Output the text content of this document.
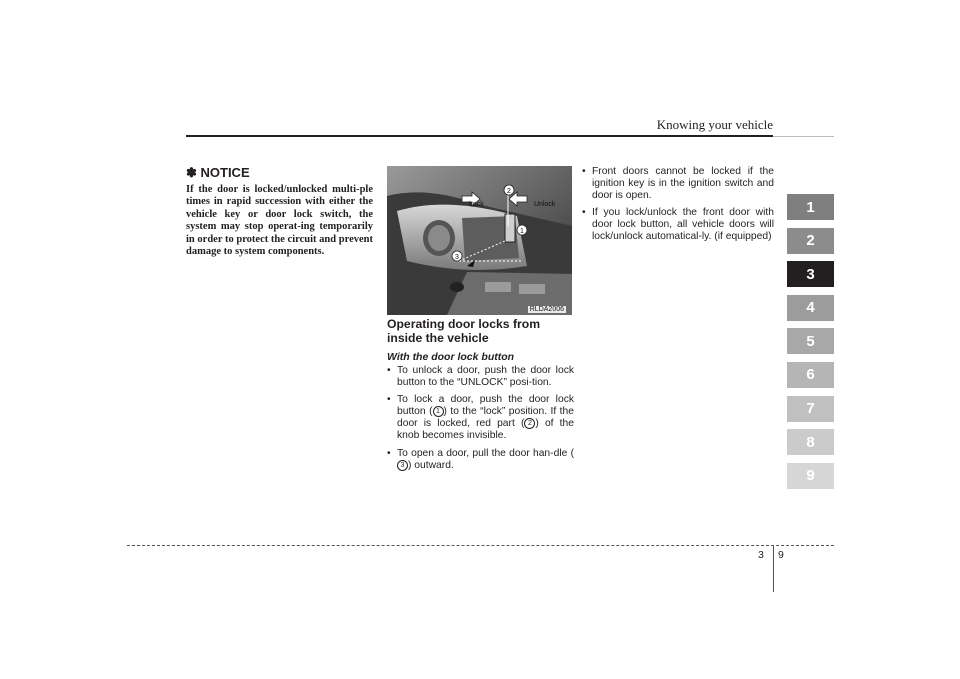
Knowing your vehicle
✽ NOTICE
If the door is locked/unlocked multi-ple times in rapid succession with either the vehicle key or door lock switch, the system may stop operat-ing temporarily in order to protect the circuit and prevent damage to system components.
2
1
3
Lock	Unlock
RLDA2006
Operating door locks from inside the vehicle
With the door lock button
• To unlock a door, push the door lock button to the “UNLOCK” posi-tion.
• To lock a door, push the door lock button ( 1 ) to the “lock” position. If the door is locked, red part ( 2 ) of the knob becomes invisible.
• To open a door, pull the door han-dle (3 ) outward.
• Front doors cannot be locked if the ignition key is in the ignition switch and door is open.
• If you lock/unlock the front door with door lock button, all vehicle doors will lock/unlock automatical-ly. (if equipped)
1
2
3
4
5
6
7
8
9
3 9
